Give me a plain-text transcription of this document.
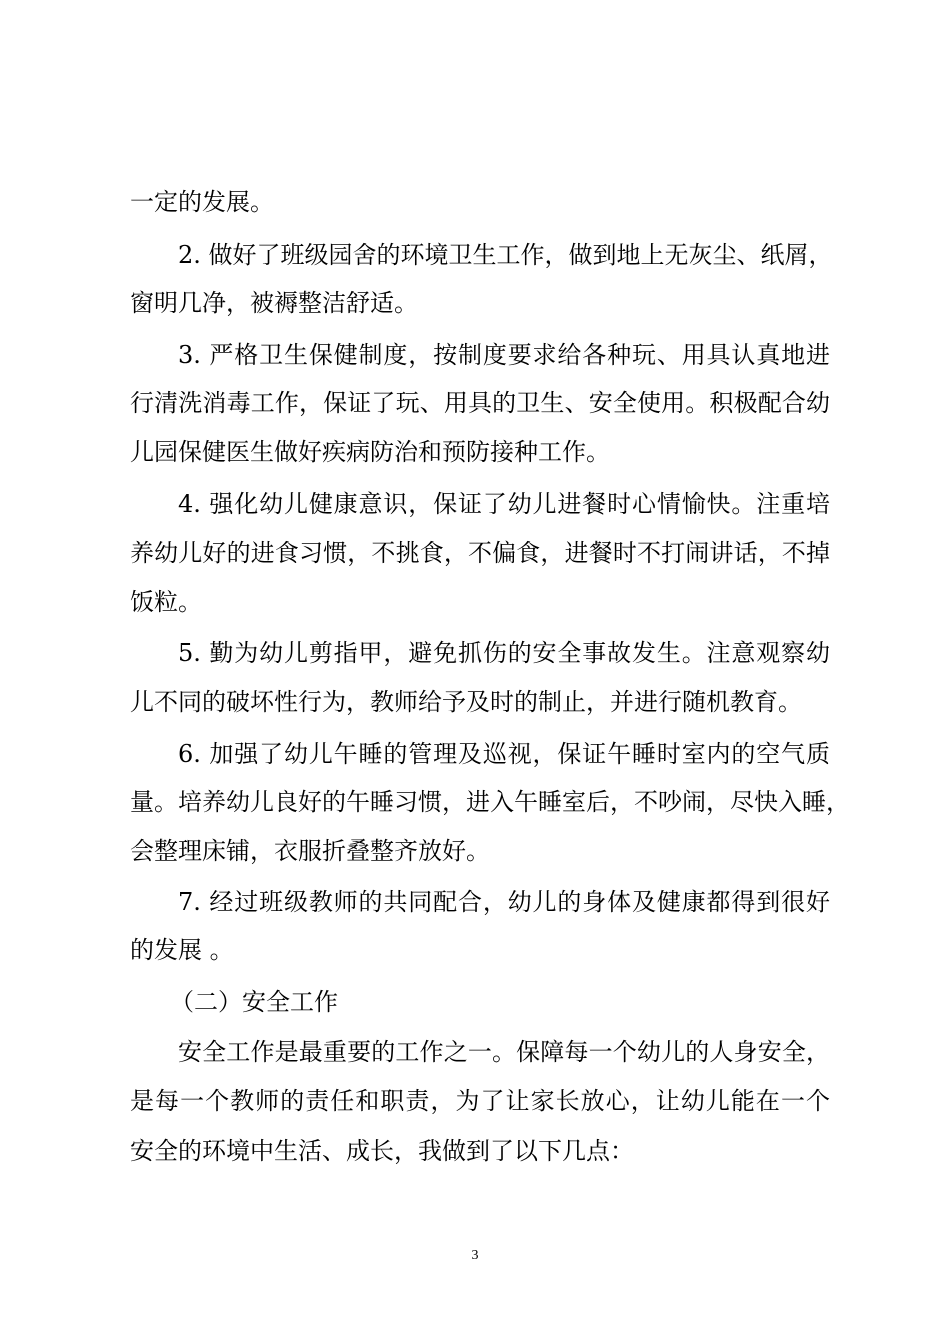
一定的发展。
2. 做好了班级园舍的环境卫生工作，做到地上无灰尘、纸屑，
窗明几净，被褥整洁舒适。
3. 严格卫生保健制度，按制度要求给各种玩、用具认真地进
行清洗消毒工作，保证了玩、用具的卫生、安全使用。积极配合幼
儿园保健医生做好疾病防治和预防接种工作。
4. 强化幼儿健康意识，保证了幼儿进餐时心情愉快。注重培
养幼儿好的进食习惯，不挑食，不偏食，进餐时不打闹讲话，不掉
饭粒。
5. 勤为幼儿剪指甲，避免抓伤的安全事故发生。注意观察幼
儿不同的破坏性行为，教师给予及时的制止，并进行随机教育。
6. 加强了幼儿午睡的管理及巡视，保证午睡时室内的空气质
量。培养幼儿良好的午睡习惯，进入午睡室后，不吵闹，尽快入睡，
会整理床铺，衣服折叠整齐放好。
7. 经过班级教师的共同配合，幼儿的身体及健康都得到很好
的发展 。
（二）安全工作
安全工作是最重要的工作之一。保障每一个幼儿的人身安全，
是每一个教师的责任和职责，为了让家长放心，让幼儿能在一个
安全的环境中生活、成长，我做到了以下几点：
3
